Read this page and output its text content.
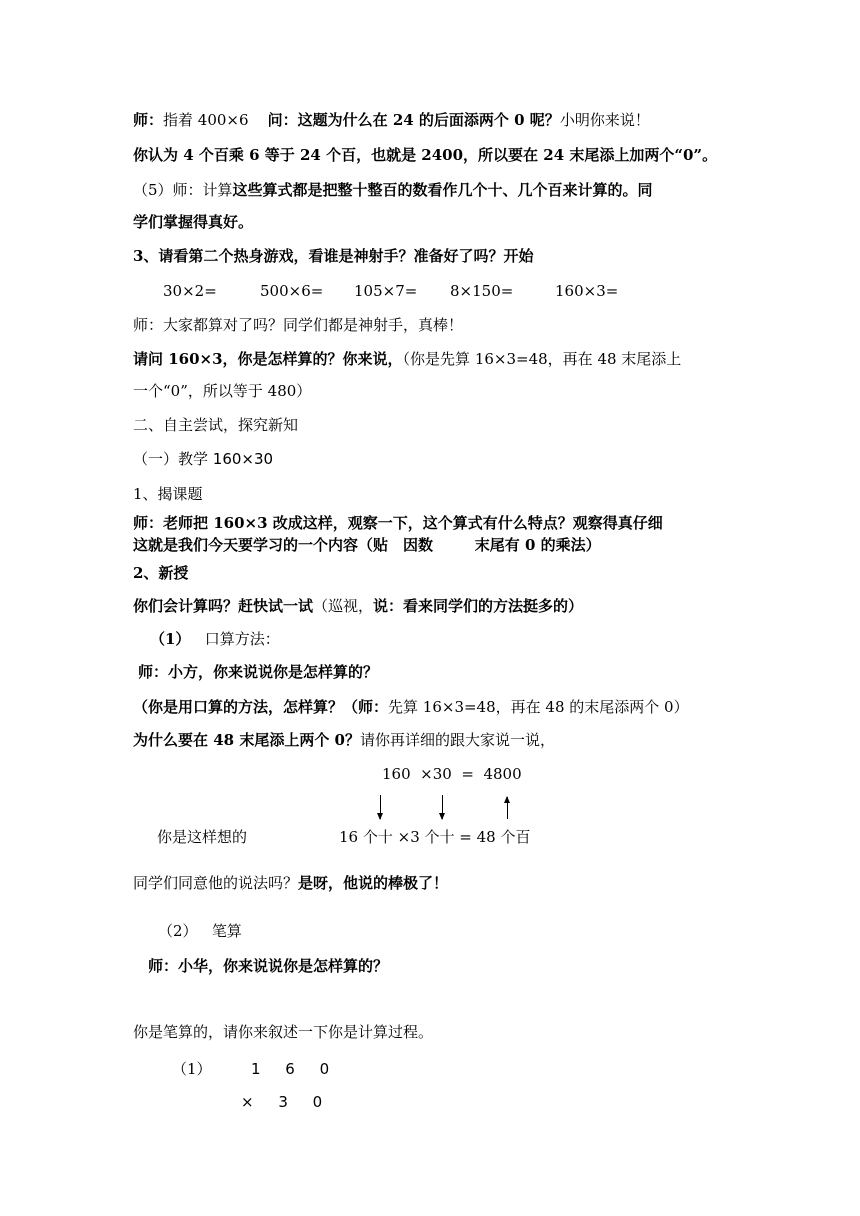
师：指着 400×6 问：这题为什么在 24 的后面添两个 0 呢？小明你来说！
你认为 4 个百乘 6 等于 24 个百，也就是 2400，所以要在 24 末尾添上加两个“0”。
（5）师：计算这些算式都是把整十整百的数看作几个十、几个百来计算的。同
学们掌握得真好。
3、请看第二个热身游戏，看谁是神射手？准备好了吗？开始
30×2=	500×6= 105×7= 8×150=	160×3=
师：大家都算对了吗？同学们都是神射手，真棒！
请问 160×3，你是怎样算的？你来说，（你是先算 16×3=48，再在 48 末尾添上
一个“0”，所以等于 480）
二、自主尝试，探究新知
（一）教学 160×30
1、揭课题
师：老师把 160×3 改成这样，观察一下，这个算式有什么特点？观察得真仔细
这就是我们今天要学习的一个内容（贴　因数	末尾有 0 的乘法）
2、新授
你们会计算吗？赶快试一试（巡视，说：看来同学们的方法挺多的）
（1） 口算方法：
师：小方，你来说说你是怎样算的？
（你是用口算的方法，怎样算？（师：先算 16×3=48，再在 48 的末尾添两个 0）
为什么要在 48 末尾添上两个 0？请你再详细的跟大家说一说，
160  ×30  =  4800
你是这样想的	16 个十 ×3 个十 = 48 个百
同学们同意他的说法吗？是呀，他说的棒极了！
（2） 笔算
师：小华，你来说说你是怎样算的？
你是笔算的，请你来叙述一下你是计算过程。
（1）	1 6 0
× 3 0
